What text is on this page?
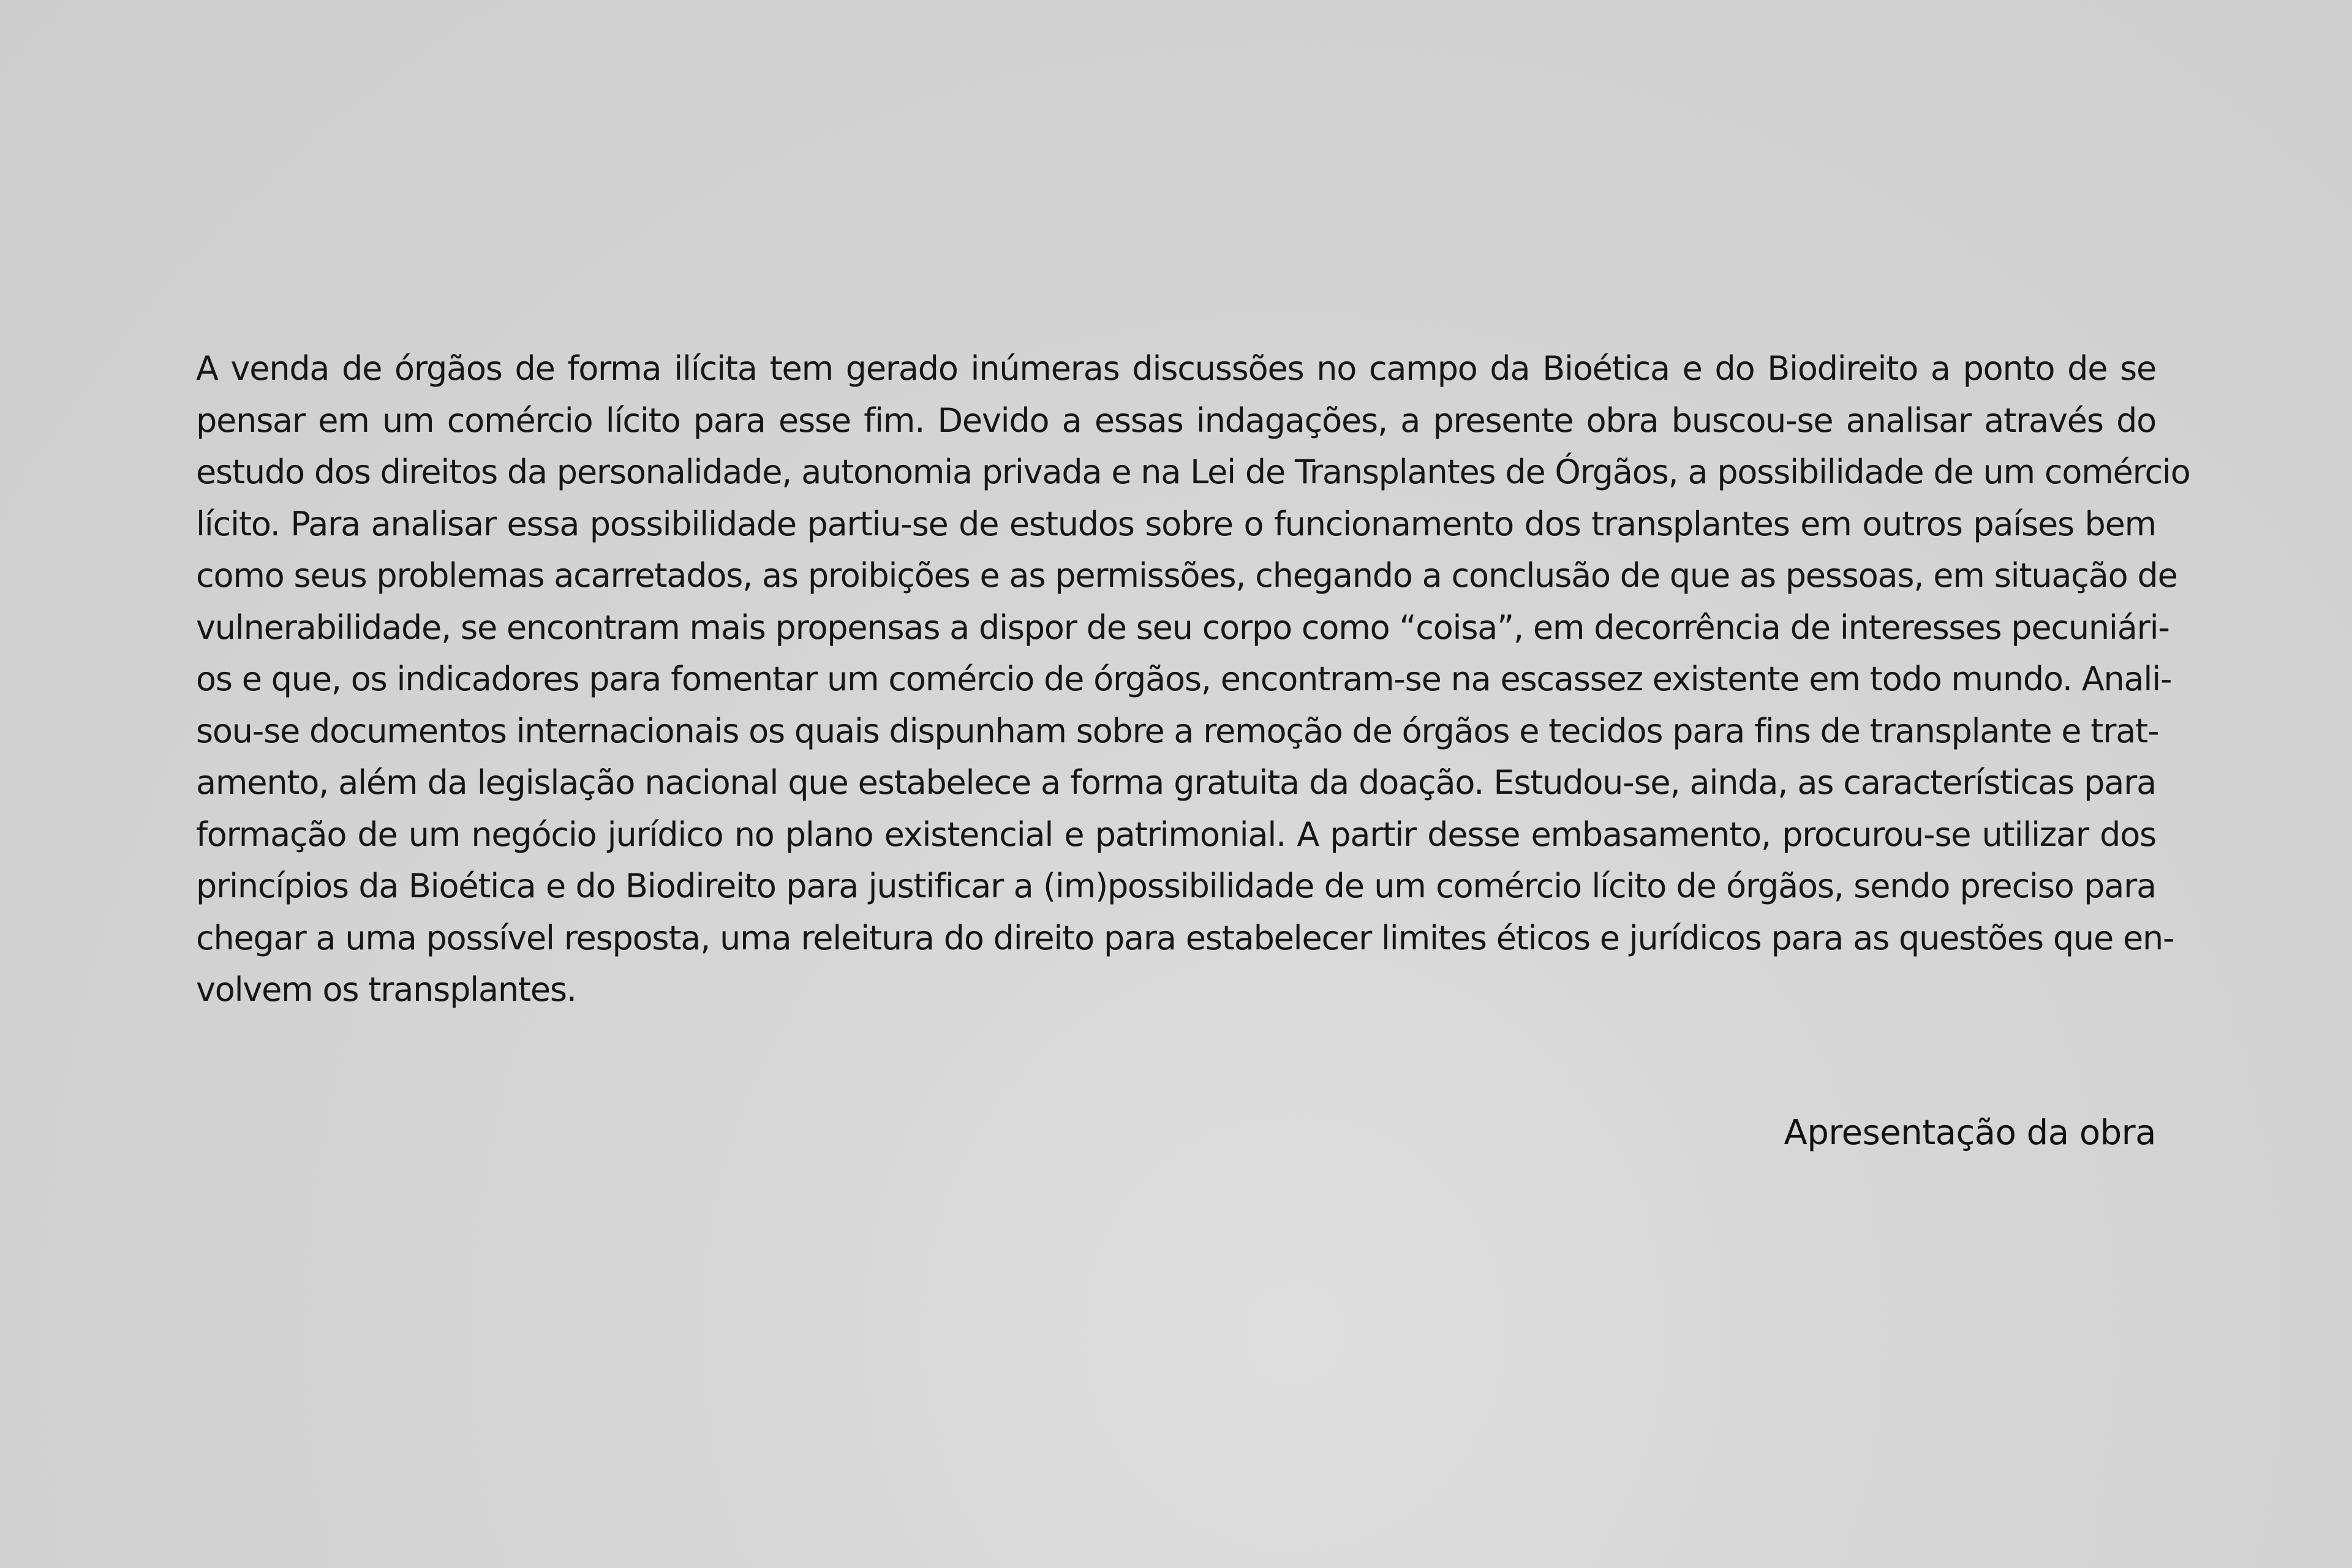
A venda de órgãos de forma ilícita tem gerado inúmeras discussões no campo da Bioética e do Biodireito a ponto de se
pensar em um comércio lícito para esse fim. Devido a essas indagações, a presente obra buscou-se analisar através do
estudo dos direitos da personalidade, autonomia privada e na Lei de Transplantes de Órgãos, a possibilidade de um comércio
lícito. Para analisar essa possibilidade partiu-se de estudos sobre o funcionamento dos transplantes em outros países bem
como seus problemas acarretados, as proibições e as permissões, chegando a conclusão de que as pessoas, em situação de
vulnerabilidade, se encontram mais propensas a dispor de seu corpo como “coisa”, em decorrência de interesses pecuniári-
os e que, os indicadores para fomentar um comércio de órgãos, encontram-se na escassez existente em todo mundo. Anali-
sou-se documentos internacionais os quais dispunham sobre a remoção de órgãos e tecidos para fins de transplante e trat-
amento, além da legislação nacional que estabelece a forma gratuita da doação. Estudou-se, ainda, as características para
formação de um negócio jurídico no plano existencial e patrimonial. A partir desse embasamento, procurou-se utilizar dos
princípios da Bioética e do Biodireito para justificar a (im)possibilidade de um comércio lícito de órgãos, sendo preciso para
chegar a uma possível resposta, uma releitura do direito para estabelecer limites éticos e jurídicos para as questões que en-
volvem os transplantes.
Apresentação da obra
